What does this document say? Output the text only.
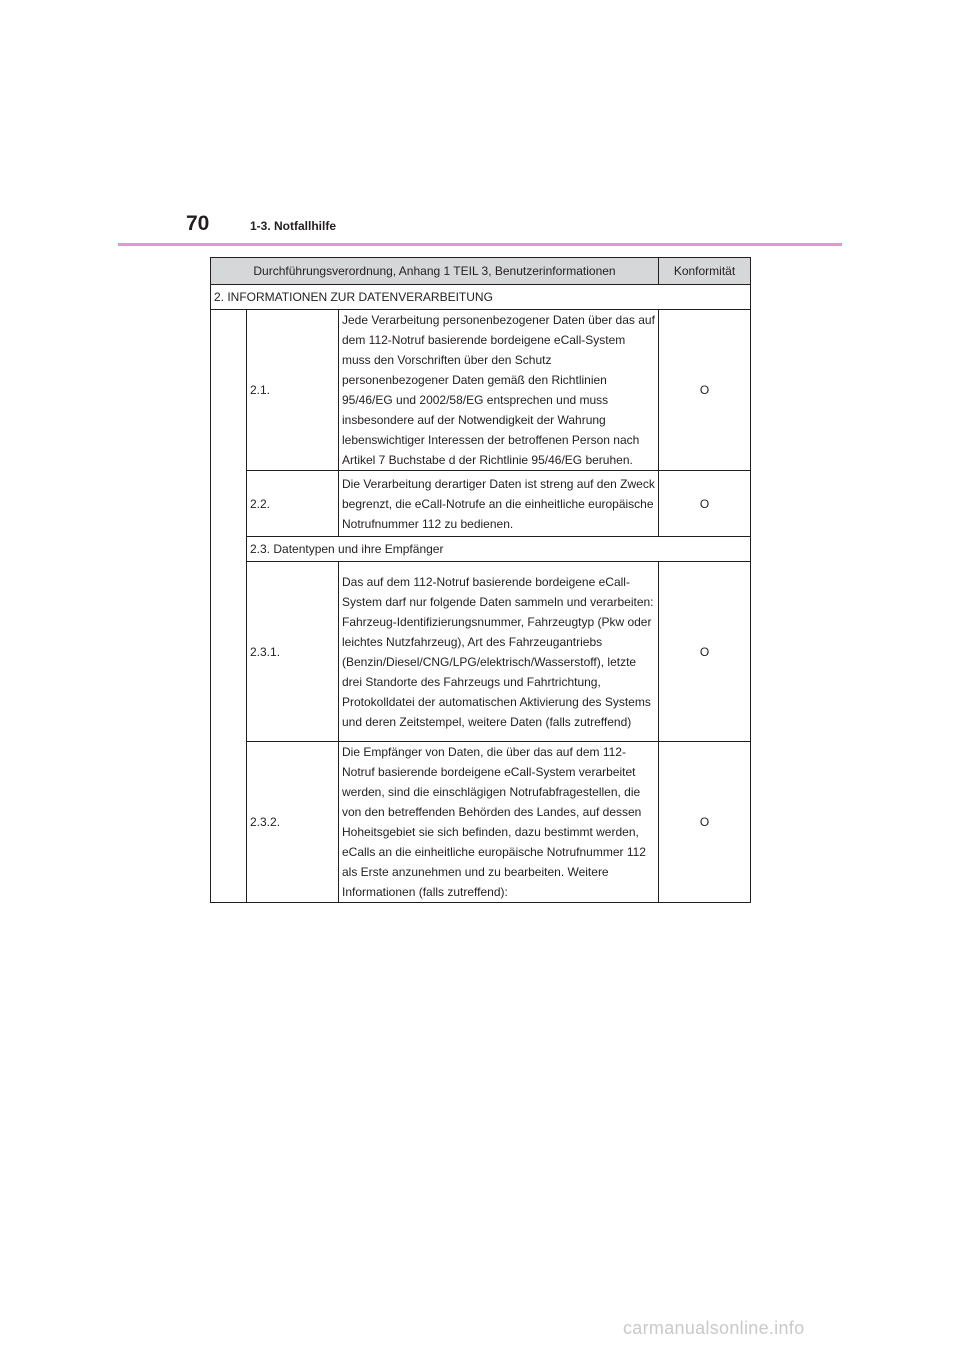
70	1-3. Notfallhilfe
Durchführungsverordnung, Anhang 1 TEIL 3, Benutzerinformationen			Konformität
2. INFORMATIONEN ZUR DATENVERARBEITUNG			
	2.1.	Jede Verarbeitung personenbezogener Daten über das auf dem 112-Notruf basierende bordeigene eCall-System muss den Vorschriften über den Schutz personenbezogener Daten gemäß den Richtlinien 95/46/EG und 2002/58/EG entsprechen und muss insbesondere auf der Notwendigkeit der Wahrung lebenswichtiger Interessen der betroffenen Person nach Artikel 7 Buchstabe d der Richtlinie 95/46/EG beruhen.	O
	2.2.	Die Verarbeitung derartiger Daten ist streng auf den Zweck begrenzt, die eCall-Notrufe an die einheitliche europäische Notrufnummer 112 zu bedienen.	O
	2.3. Datentypen und ihre Empfänger		
	2.3.1.	Das auf dem 112-Notruf basierende bordeigene eCall-System darf nur folgende Daten sammeln und verarbeiten: Fahrzeug-Identifizierungsnummer, Fahrzeugtyp (Pkw oder leichtes Nutzfahrzeug), Art des Fahrzeugantriebs (Benzin/Diesel/CNG/LPG/elektrisch/Wasserstoff), letzte drei Standorte des Fahrzeugs und Fahrtrichtung, Protokolldatei der automatischen Aktivierung des Systems und deren Zeitstempel, weitere Daten (falls zutreffend)	O
	2.3.2.	Die Empfänger von Daten, die über das auf dem 112-Notruf basierende bordeigene eCall-System verarbeitet werden, sind die einschlägigen Notrufabfragestellen, die von den betreffenden Behörden des Landes, auf dessen Hoheitsgebiet sie sich befinden, dazu bestimmt werden, eCalls an die einheitliche europäische Notrufnummer 112 als Erste anzunehmen und zu bearbeiten. Weitere Informationen (falls zutreffend):	O
carmanualsonline.info
